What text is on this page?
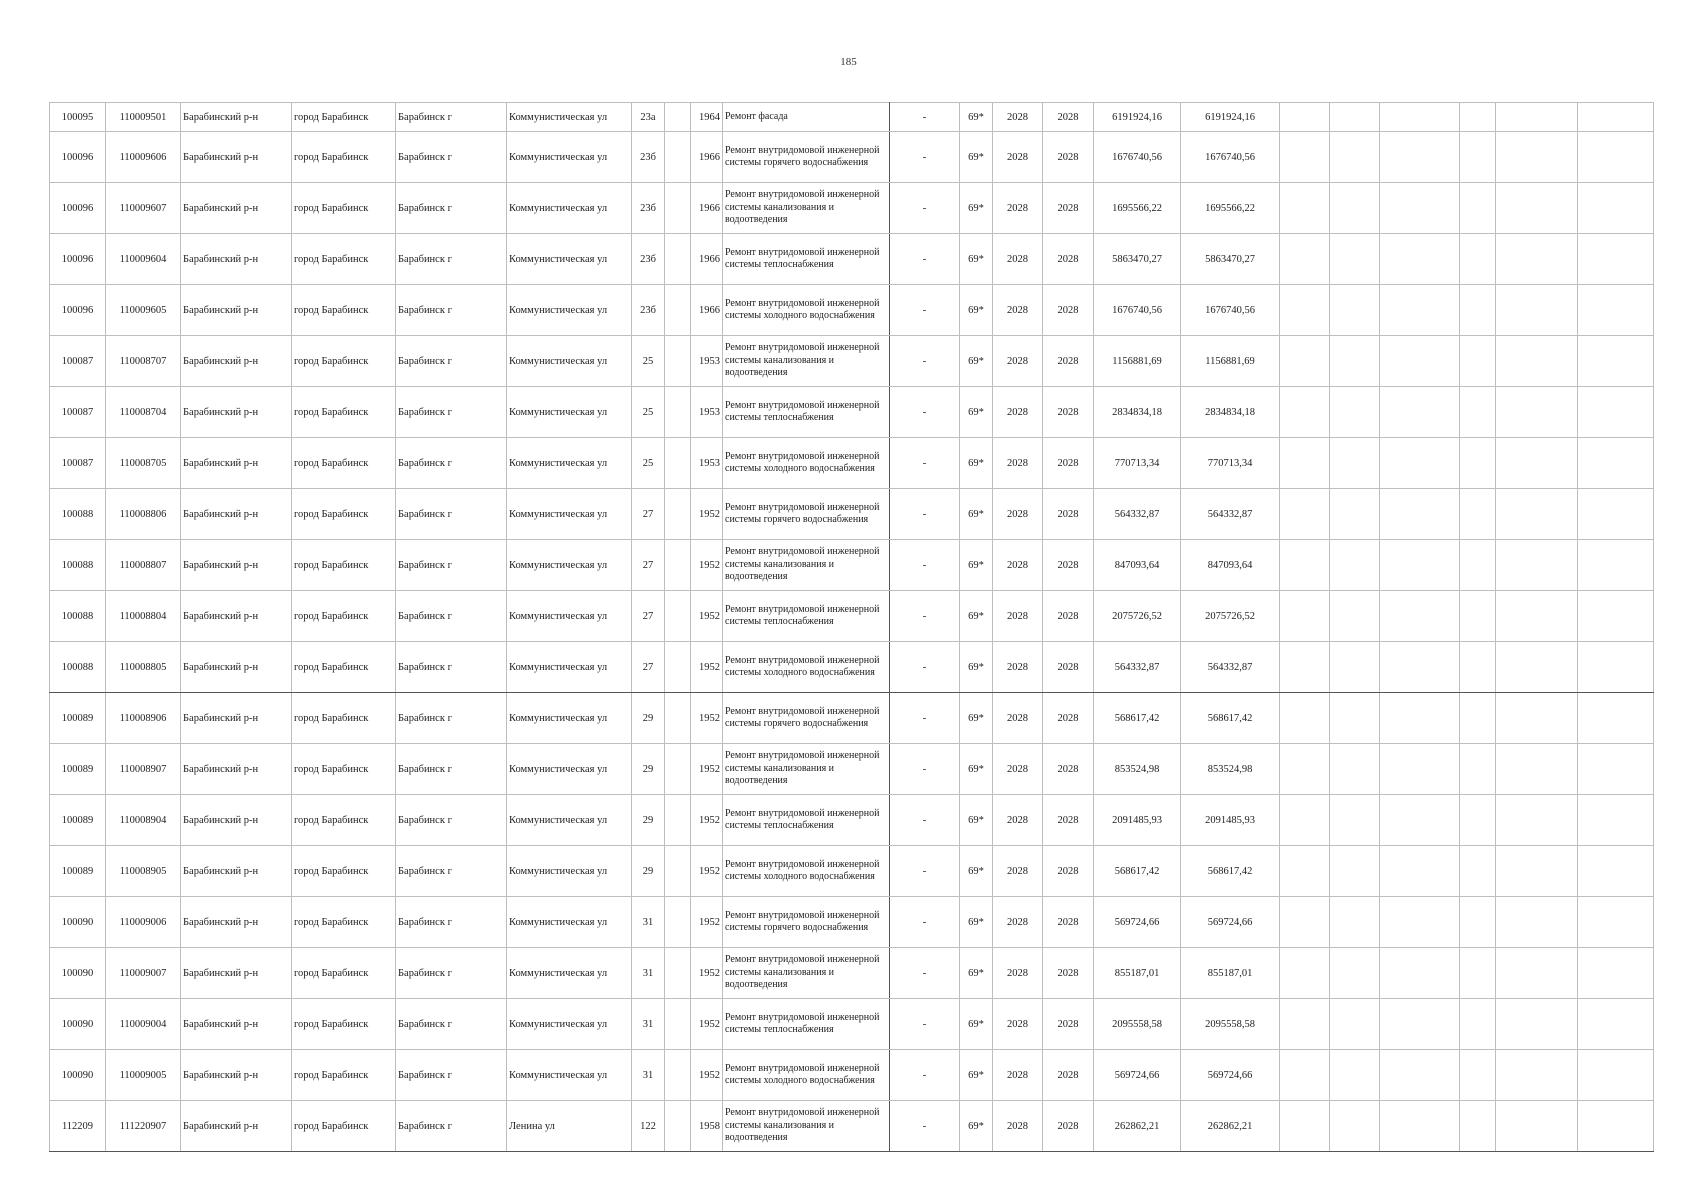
185
100095	110009501	Барабинский р-н	город Барабинск	Барабинск г	Коммунистическая ул	23а		1964	Ремонт фасада	-	69*	2028	2028	6191924,16	6191924,16						
100096	110009606	Барабинский р-н	город Барабинск	Барабинск г	Коммунистическая ул	23б		1966	Ремонт внутридомовой инженерной системы горячего водоснабжения	-	69*	2028	2028	1676740,56	1676740,56						
100096	110009607	Барабинский р-н	город Барабинск	Барабинск г	Коммунистическая ул	23б		1966	Ремонт внутридомовой инженерной системы канализования и водоотведения	-	69*	2028	2028	1695566,22	1695566,22						
100096	110009604	Барабинский р-н	город Барабинск	Барабинск г	Коммунистическая ул	23б		1966	Ремонт внутридомовой инженерной системы теплоснабжения	-	69*	2028	2028	5863470,27	5863470,27						
100096	110009605	Барабинский р-н	город Барабинск	Барабинск г	Коммунистическая ул	23б		1966	Ремонт внутридомовой инженерной системы холодного водоснабжения	-	69*	2028	2028	1676740,56	1676740,56						
100087	110008707	Барабинский р-н	город Барабинск	Барабинск г	Коммунистическая ул	25		1953	Ремонт внутридомовой инженерной системы канализования и водоотведения	-	69*	2028	2028	1156881,69	1156881,69						
100087	110008704	Барабинский р-н	город Барабинск	Барабинск г	Коммунистическая ул	25		1953	Ремонт внутридомовой инженерной системы теплоснабжения	-	69*	2028	2028	2834834,18	2834834,18						
100087	110008705	Барабинский р-н	город Барабинск	Барабинск г	Коммунистическая ул	25		1953	Ремонт внутридомовой инженерной системы холодного водоснабжения	-	69*	2028	2028	770713,34	770713,34						
100088	110008806	Барабинский р-н	город Барабинск	Барабинск г	Коммунистическая ул	27		1952	Ремонт внутридомовой инженерной системы горячего водоснабжения	-	69*	2028	2028	564332,87	564332,87						
100088	110008807	Барабинский р-н	город Барабинск	Барабинск г	Коммунистическая ул	27		1952	Ремонт внутридомовой инженерной системы канализования и водоотведения	-	69*	2028	2028	847093,64	847093,64						
100088	110008804	Барабинский р-н	город Барабинск	Барабинск г	Коммунистическая ул	27		1952	Ремонт внутридомовой инженерной системы теплоснабжения	-	69*	2028	2028	2075726,52	2075726,52						
100088	110008805	Барабинский р-н	город Барабинск	Барабинск г	Коммунистическая ул	27		1952	Ремонт внутридомовой инженерной системы холодного водоснабжения	-	69*	2028	2028	564332,87	564332,87						
100089	110008906	Барабинский р-н	город Барабинск	Барабинск г	Коммунистическая ул	29		1952	Ремонт внутридомовой инженерной системы горячего водоснабжения	-	69*	2028	2028	568617,42	568617,42						
100089	110008907	Барабинский р-н	город Барабинск	Барабинск г	Коммунистическая ул	29		1952	Ремонт внутридомовой инженерной системы канализования и водоотведения	-	69*	2028	2028	853524,98	853524,98						
100089	110008904	Барабинский р-н	город Барабинск	Барабинск г	Коммунистическая ул	29		1952	Ремонт внутридомовой инженерной системы теплоснабжения	-	69*	2028	2028	2091485,93	2091485,93						
100089	110008905	Барабинский р-н	город Барабинск	Барабинск г	Коммунистическая ул	29		1952	Ремонт внутридомовой инженерной системы холодного водоснабжения	-	69*	2028	2028	568617,42	568617,42						
100090	110009006	Барабинский р-н	город Барабинск	Барабинск г	Коммунистическая ул	31		1952	Ремонт внутридомовой инженерной системы горячего водоснабжения	-	69*	2028	2028	569724,66	569724,66						
100090	110009007	Барабинский р-н	город Барабинск	Барабинск г	Коммунистическая ул	31		1952	Ремонт внутридомовой инженерной системы канализования и водоотведения	-	69*	2028	2028	855187,01	855187,01						
100090	110009004	Барабинский р-н	город Барабинск	Барабинск г	Коммунистическая ул	31		1952	Ремонт внутридомовой инженерной системы теплоснабжения	-	69*	2028	2028	2095558,58	2095558,58						
100090	110009005	Барабинский р-н	город Барабинск	Барабинск г	Коммунистическая ул	31		1952	Ремонт внутридомовой инженерной системы холодного водоснабжения	-	69*	2028	2028	569724,66	569724,66						
112209	111220907	Барабинский р-н	город Барабинск	Барабинск г	Ленина ул	122		1958	Ремонт внутридомовой инженерной системы канализования и водоотведения	-	69*	2028	2028	262862,21	262862,21						
